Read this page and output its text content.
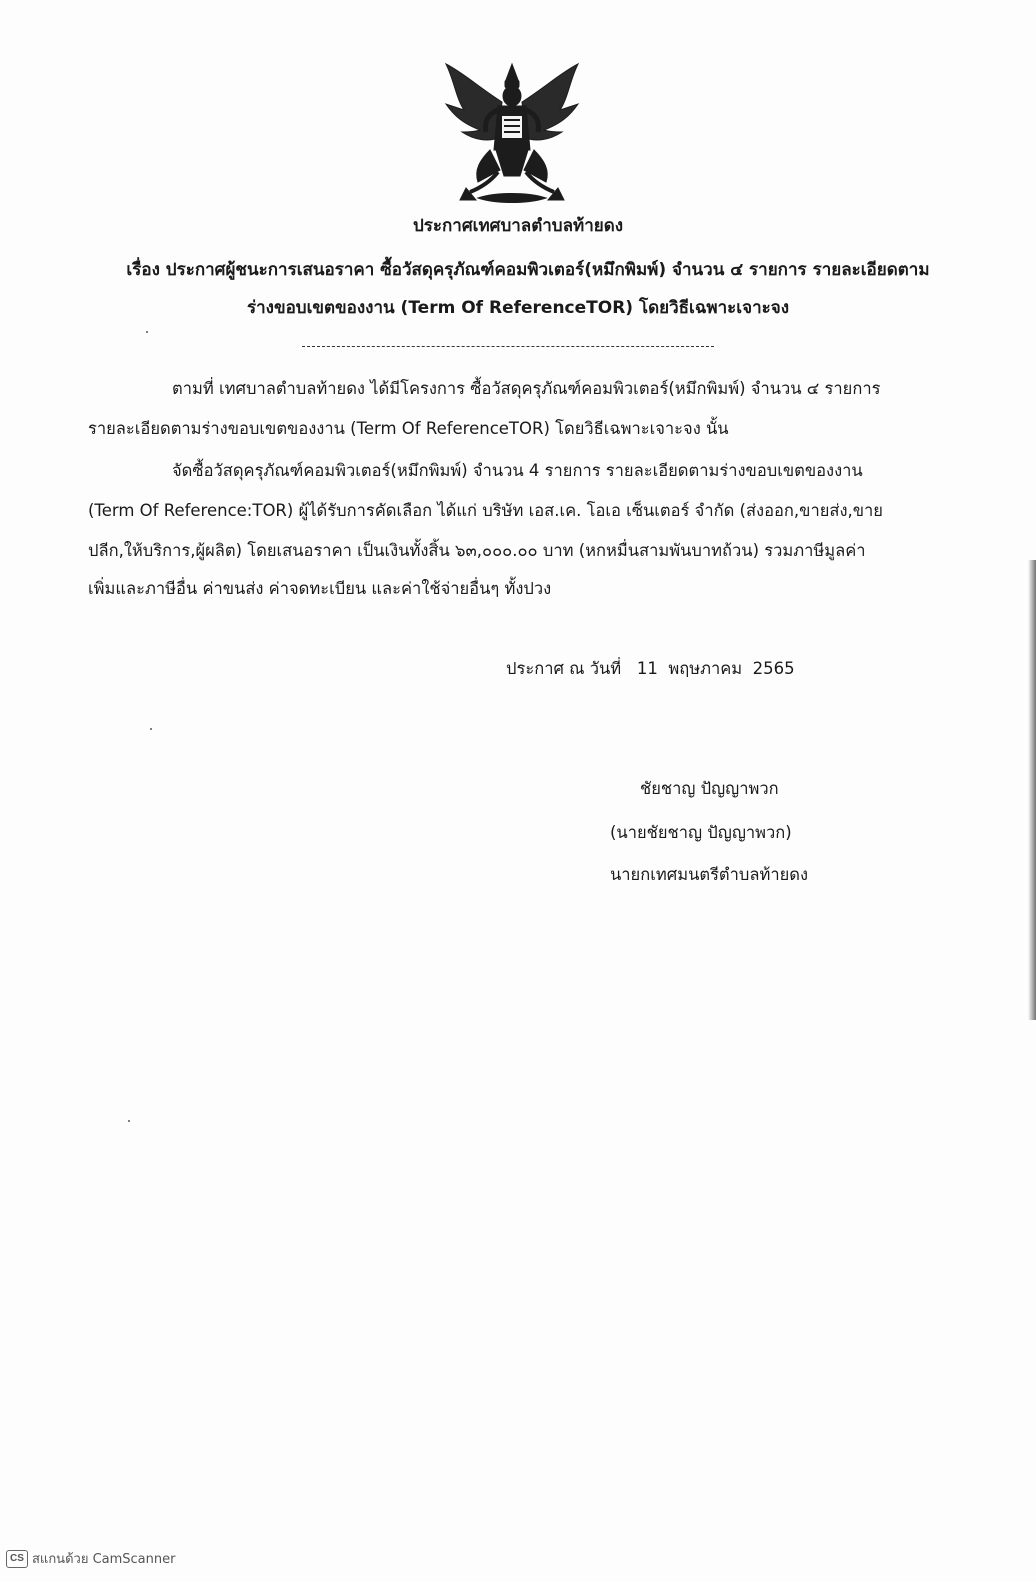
ประกาศเทศบาลตำบลท้ายดง
เรื่อง ประกาศผู้ชนะการเสนอราคา ซื้อวัสดุครุภัณฑ์คอมพิวเตอร์(หมึกพิมพ์) จำนวน ๔ รายการ รายละเอียดตาม
ร่างขอบเขตของงาน (Term Of ReferenceTOR) โดยวิธีเฉพาะเจาะจง
ตามที่ เทศบาลตำบลท้ายดง ได้มีโครงการ ซื้อวัสดุครุภัณฑ์คอมพิวเตอร์(หมึกพิมพ์) จำนวน ๔ รายการ
รายละเอียดตามร่างขอบเขตของงาน (Term Of ReferenceTOR) โดยวิธีเฉพาะเจาะจง นั้น
จัดซื้อวัสดุครุภัณฑ์คอมพิวเตอร์(หมึกพิมพ์) จำนวน 4 รายการ รายละเอียดตามร่างขอบเขตของงาน
(Term Of Reference:TOR) ผู้ได้รับการคัดเลือก ได้แก่ บริษัท เอส.เค. โอเอ เซ็นเตอร์ จำกัด (ส่งออก,ขายส่ง,ขาย
ปลีก,ให้บริการ,ผู้ผลิต) โดยเสนอราคา เป็นเงินทั้งสิ้น ๖๓,๐๐๐.๐๐ บาท (หกหมื่นสามพันบาทถ้วน) รวมภาษีมูลค่า
เพิ่มและภาษีอื่น ค่าขนส่ง ค่าจดทะเบียน และค่าใช้จ่ายอื่นๆ ทั้งปวง
ประกาศ ณ วันที่   11  พฤษภาคม  2565
ชัยชาญ ปัญญาพวก
(นายชัยชาญ ปัญญาพวก)
นายกเทศมนตรีตำบลท้ายดง
CS สแกนด้วย CamScanner
